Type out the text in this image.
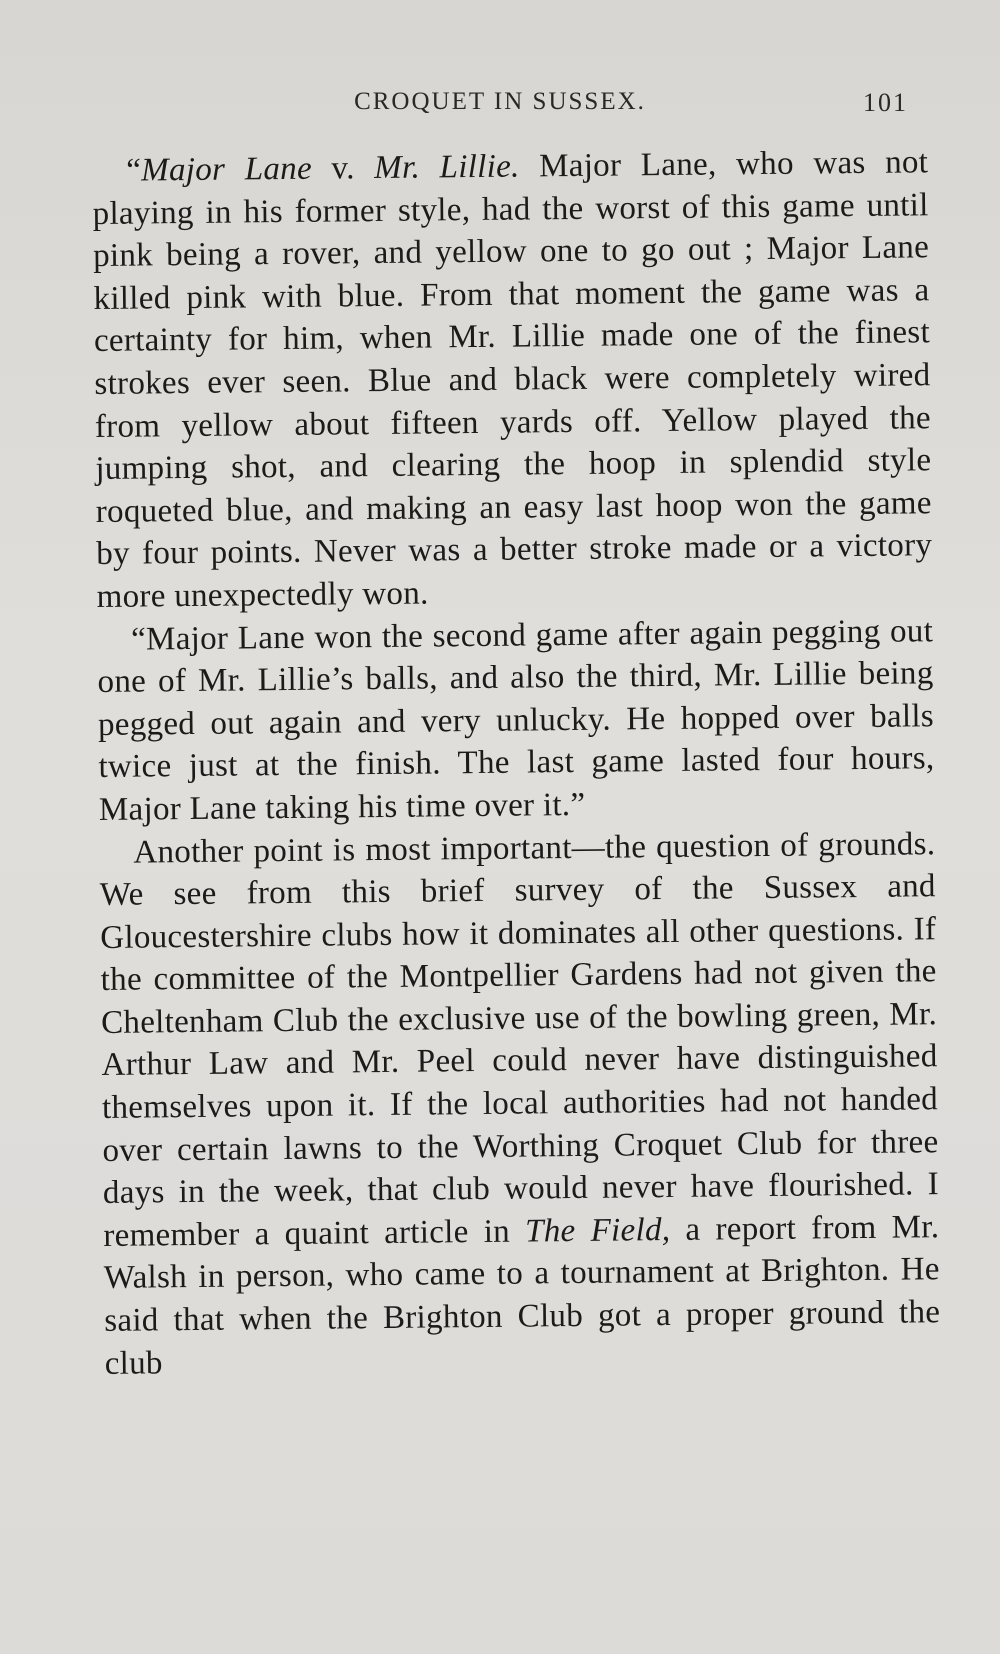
CROQUET IN SUSSEX.	101

“Major Lane v. Mr. Lillie. Major Lane, who was not playing in his former style, had the worst of this game until pink being a rover, and yellow one to go out ; Major Lane killed pink with blue. From that moment the game was a certainty for him, when Mr. Lillie made one of the finest strokes ever seen. Blue and black were completely wired from yellow about fifteen yards off. Yellow played the jumping shot, and clearing the hoop in splendid style roqueted blue, and making an easy last hoop won the game by four points. Never was a better stroke made or a victory more unexpectedly won.

“Major Lane won the second game after again pegging out one of Mr. Lillie’s balls, and also the third, Mr. Lillie being pegged out again and very unlucky. He hopped over balls twice just at the finish. The last game lasted four hours, Major Lane taking his time over it.”

Another point is most important—the question of grounds. We see from this brief survey of the Sussex and Gloucestershire clubs how it dominates all other questions. If the committee of the Montpellier Gardens had not given the Cheltenham Club the exclusive use of the bowling green, Mr. Arthur Law and Mr. Peel could never have distinguished themselves upon it. If the local authorities had not handed over certain lawns to the Worthing Croquet Club for three days in the week, that club would never have flourished. I remember a quaint article in The Field, a report from Mr. Walsh in person, who came to a tournament at Brighton. He said that when the Brighton Club got a proper ground the club
